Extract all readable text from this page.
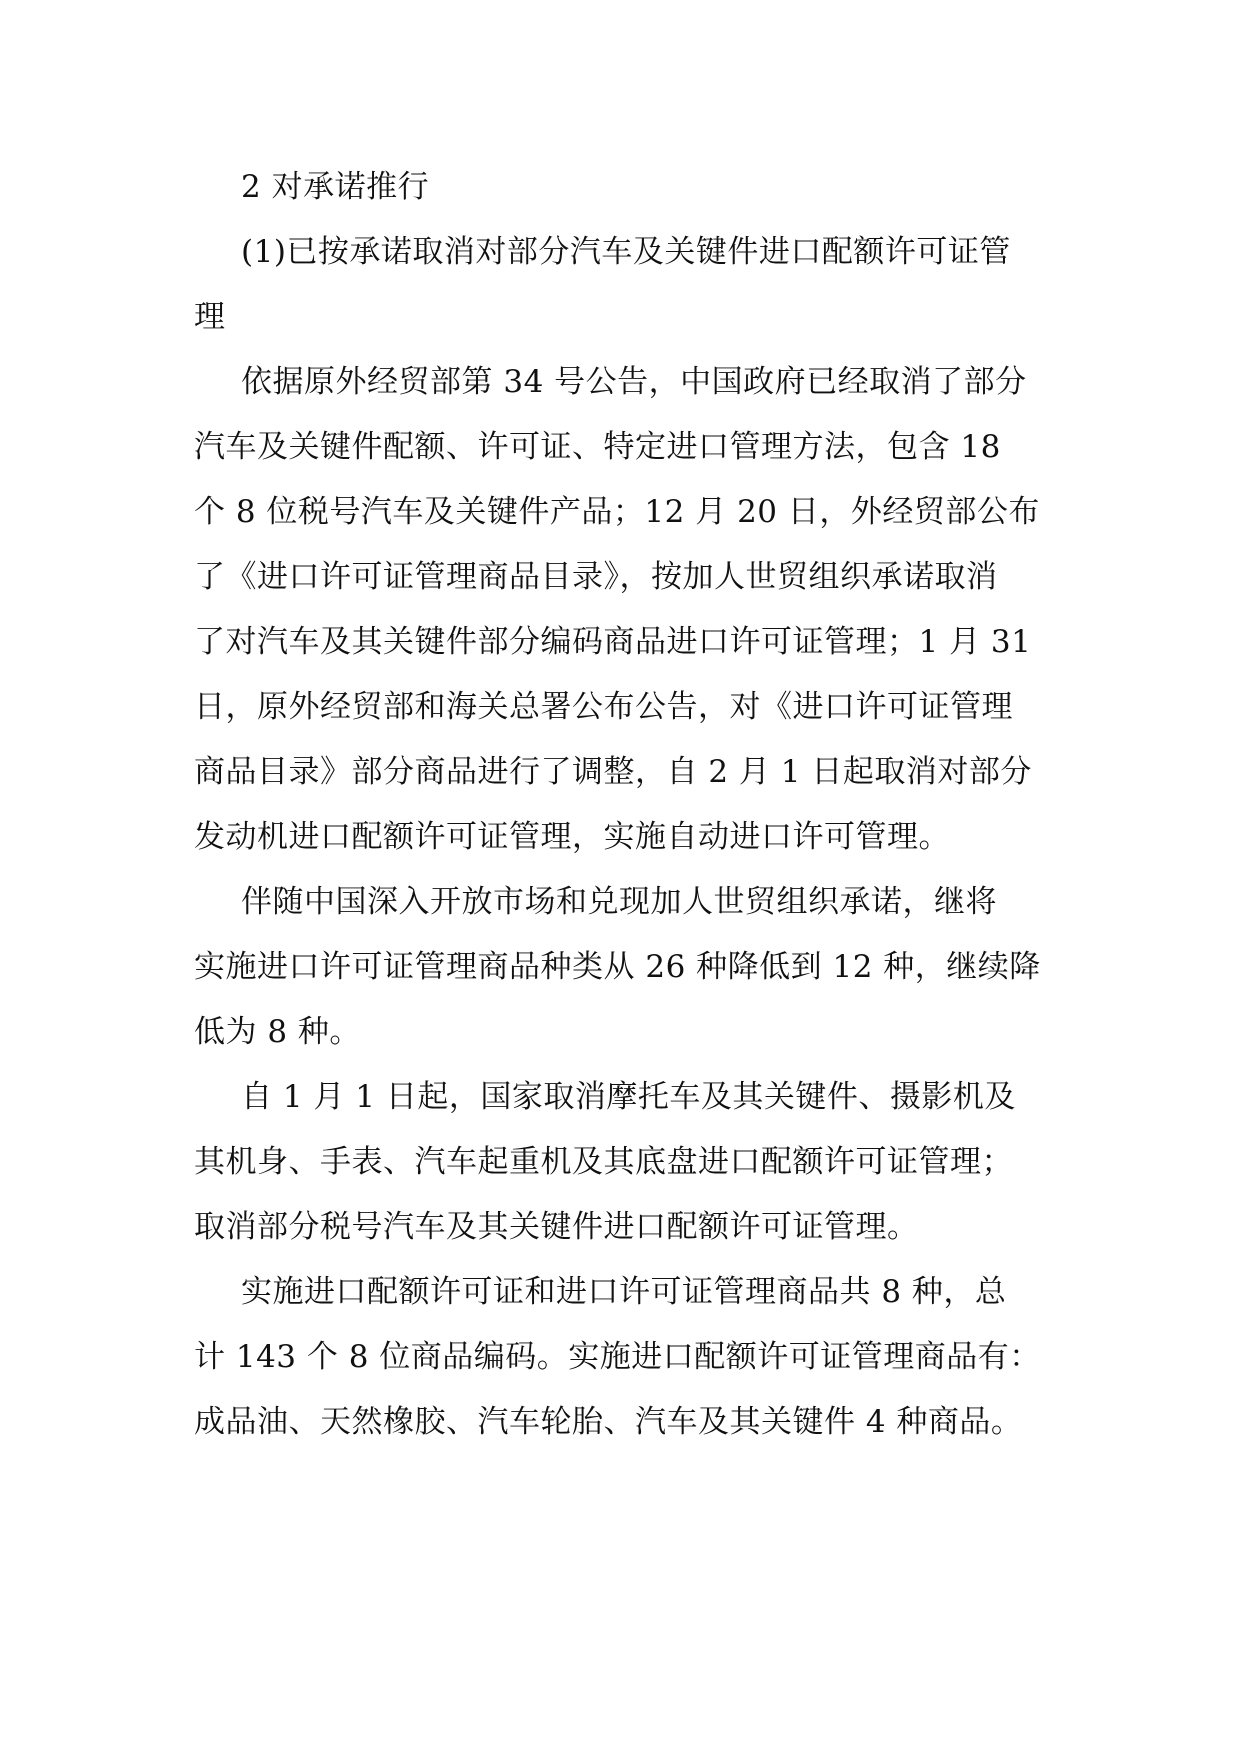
2 对承诺推行
(1)已按承诺取消对部分汽车及关键件进口配额许可证管
理
依据原外经贸部第 34 号公告，中国政府已经取消了部分
汽车及关键件配额、许可证、特定进口管理方法，包含 18
个 8 位税号汽车及关键件产品；12 月 20 日，外经贸部公布
了《进口许可证管理商品目录》，按加人世贸组织承诺取消
了对汽车及其关键件部分编码商品进口许可证管理；1 月 31
日，原外经贸部和海关总署公布公告，对《进口许可证管理
商品目录》部分商品进行了调整，自 2 月 1 日起取消对部分
发动机进口配额许可证管理，实施自动进口许可管理。
伴随中国深入开放市场和兑现加人世贸组织承诺，继将
实施进口许可证管理商品种类从 26 种降低到 12 种，继续降
低为 8 种。
自 1 月 1 日起，国家取消摩托车及其关键件、摄影机及
其机身、手表、汽车起重机及其底盘进口配额许可证管理；
取消部分税号汽车及其关键件进口配额许可证管理。
实施进口配额许可证和进口许可证管理商品共 8 种，总
计 143 个 8 位商品编码。实施进口配额许可证管理商品有：
成品油、天然橡胶、汽车轮胎、汽车及其关键件 4 种商品。
